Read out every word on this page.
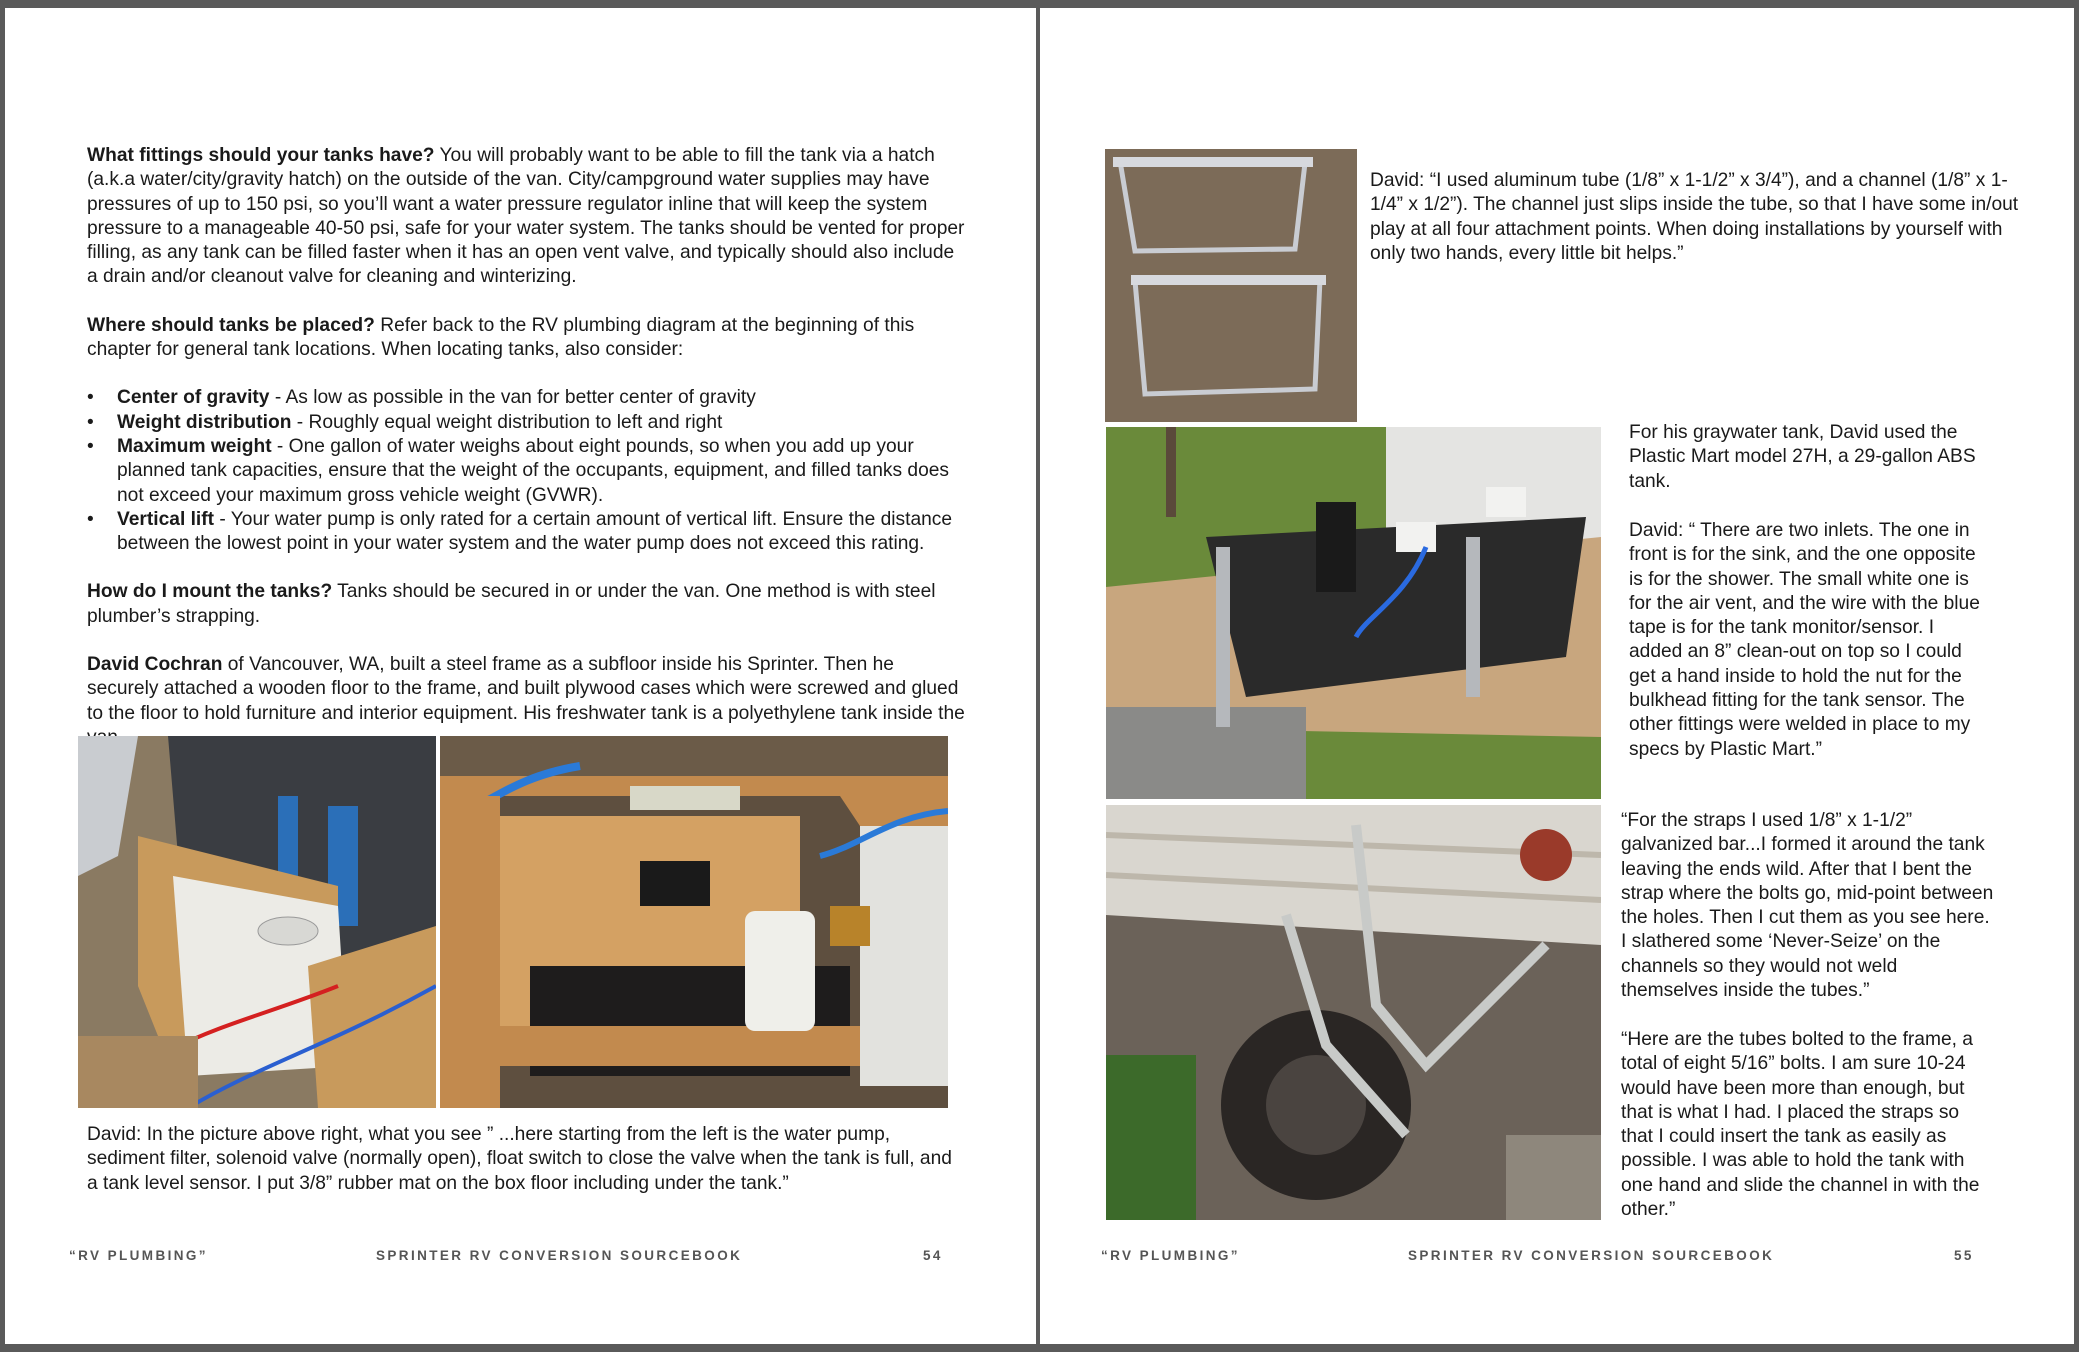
What fittings should your tanks have? You will probably want to be able to fill the tank via a hatch (a.k.a water/city/gravity hatch) on the outside of the van. City/campground water supplies may have pressures of up to 150 psi, so you’ll want a water pressure regulator inline that will keep the system pressure to a manageable 40-50 psi, safe for your water system. The tanks should be vented for proper filling, as any tank can be filled faster when it has an open vent valve, and typically should also include a drain and/or cleanout valve for cleaning and winterizing.

Where should tanks be placed? Refer back to the RV plumbing diagram at the beginning of this chapter for general tank locations. When locating tanks, also consider:

• Center of gravity - As low as possible in the van for better center of gravity
• Weight distribution - Roughly equal weight distribution to left and right
• Maximum weight - One gallon of water weighs about eight pounds, so when you add up your planned tank capacities, ensure that the weight of the occupants, equipment, and filled tanks does not exceed your maximum gross vehicle weight (GVWR).
• Vertical lift - Your water pump is only rated for a certain amount of vertical lift. Ensure the distance between the lowest point in your water system and the water pump does not exceed this rating.

How do I mount the tanks? Tanks should be secured in or under the van. One method is with steel plumber’s strapping.

David Cochran of Vancouver, WA, built a steel frame as a subfloor inside his Sprinter. Then he securely attached a wooden floor to the frame, and built plywood cases which were screwed and glued to the floor to hold furniture and interior equipment. His freshwater tank is a polyethylene tank inside the

David: In the picture above right, what you see ” ...here starting from the left is the water pump, sediment filter, solenoid valve (normally open), float switch to close the valve when the tank is full, and a tank level sensor. I put 3/8” rubber mat on the box floor including under the tank.”
“RV PLUMBING”	SPRINTER RV CONVERSION SOURCEBOOK	54
David: “I used aluminum tube (1/8” x 1-1/2” x 3/4”), and a channel (1/8” x 1-1/4” x 1/2”). The channel just slips inside the tube, so that I have some in/out play at all four attachment points. When doing installations by yourself with only two hands, every little bit helps.”
For his graywater tank, David used the Plastic Mart model 27H, a 29-gallon ABS tank.
David: “ There are two inlets. The one in front is for the sink, and the one opposite is for the shower. The small white one is for the air vent, and the wire with the blue tape is for the tank monitor/sensor. I added an 8” clean-out on top so I could get a hand inside to hold the nut for the bulkhead fitting for the tank sensor. The other fittings were welded in place to my specs by Plastic Mart.”
“For the straps I used 1/8” x 1-1/2” galvanized bar...I formed it around the tank leaving the ends wild. After that I bent the strap where the bolts go, mid-point between the holes. Then I cut them as you see here. I slathered some ‘Never-Seize’ on the channels so they would not weld themselves inside the tubes.”
“Here are the tubes bolted to the frame, a total of eight 5/16” bolts. I am sure 10-24 would have been more than enough, but that is what I had. I placed the straps so that I could insert the tank as easily as possible. I was able to hold the tank with one hand and slide the channel in with the other.”
“RV PLUMBING”	SPRINTER RV CONVERSION SOURCEBOOK	55
